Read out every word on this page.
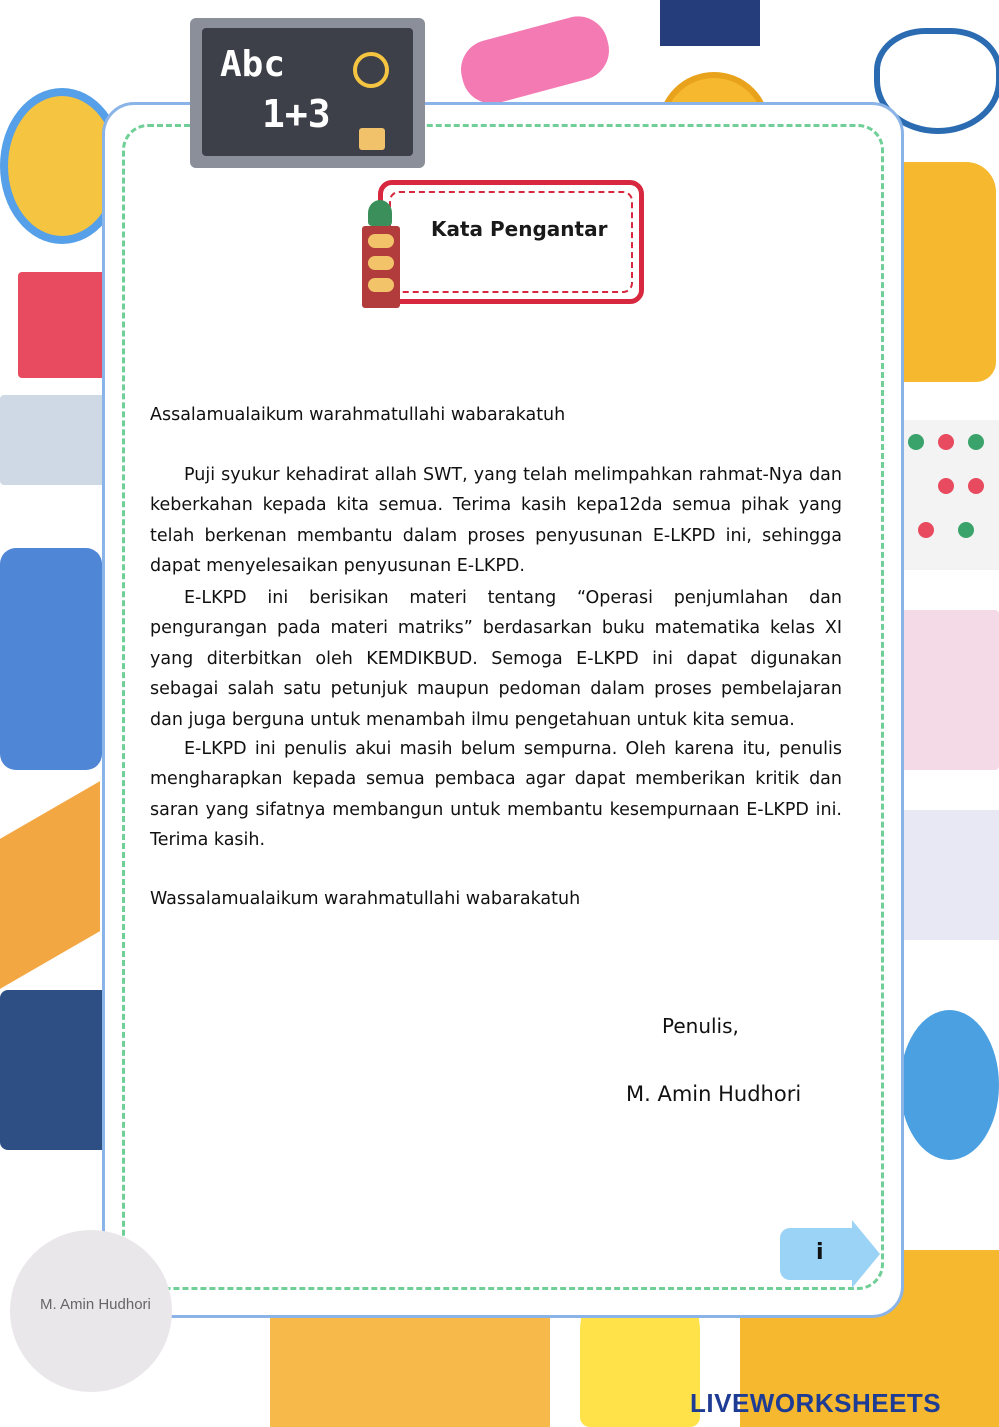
Abc
1+3
Kata Pengantar
Assalamualaikum warahmatullahi wabarakatuh
Puji syukur kehadirat allah SWT, yang telah melimpahkan rahmat-Nya dan keberkahan kepada kita semua. Terima kasih kepa12da semua pihak yang telah berkenan membantu dalam proses penyusunan E-LKPD ini, sehingga dapat menyelesaikan penyusunan E-LKPD.
E-LKPD ini berisikan materi tentang “Operasi penjumlahan dan pengurangan pada materi matriks” berdasarkan buku matematika kelas XI yang diterbitkan oleh KEMDIKBUD. Semoga E-LKPD ini dapat digunakan sebagai salah satu petunjuk maupun pedoman dalam proses pembelajaran dan juga berguna untuk menambah ilmu pengetahuan untuk kita semua.
E-LKPD ini penulis akui masih belum sempurna. Oleh karena itu, penulis mengharapkan kepada semua pembaca agar dapat memberikan kritik dan saran yang sifatnya membangun untuk membantu kesempurnaan E-LKPD ini. Terima kasih.
Wassalamualaikum warahmatullahi wabarakatuh
Penulis,
M. Amin Hudhori
i
M. Amin Hudhori
LIVEWORKSHEETS
